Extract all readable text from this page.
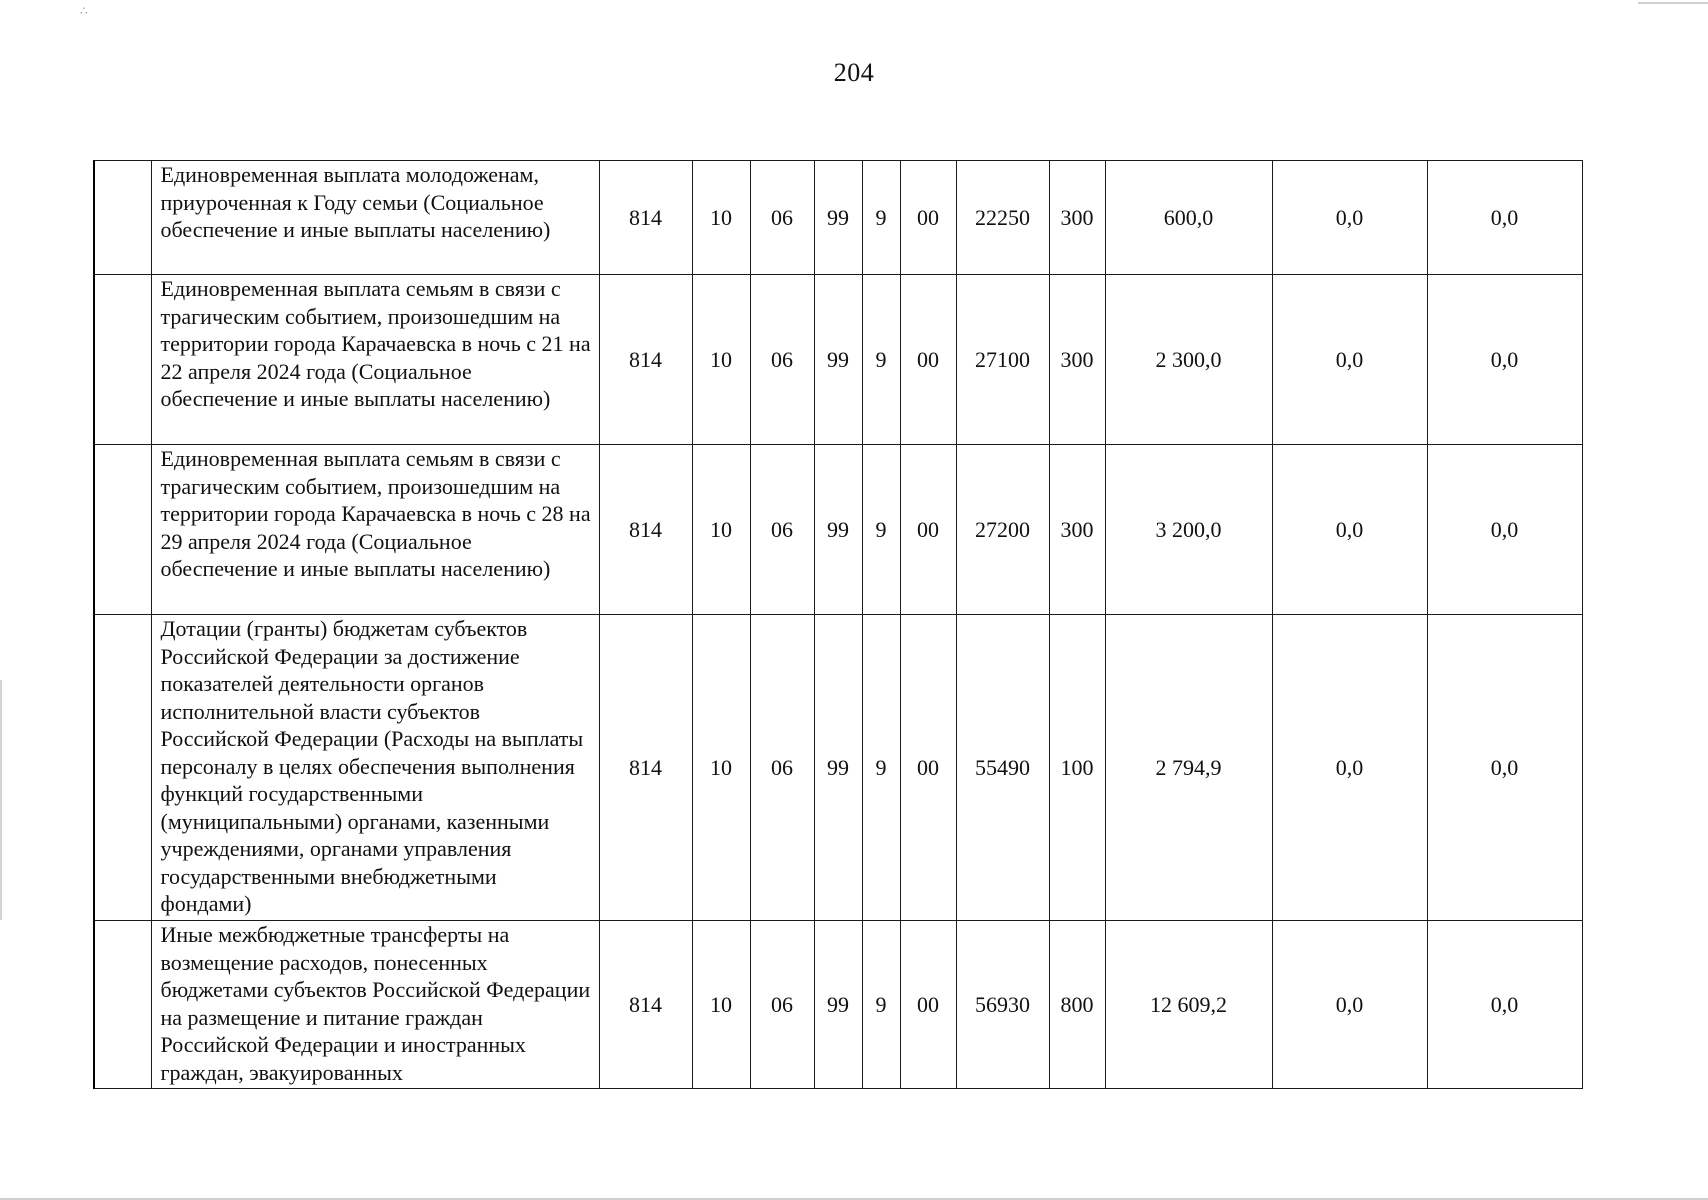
∴
204
	Единовременная выплата молодоженам, приуроченная к Году семьи (Социальное обеспечение и иные выплаты населению)	814	10	06	99	9	00	22250	300	600,0	0,0	0,0
	Единовременная выплата семьям в связи с трагическим событием, произошедшим на территории города Карачаевска в ночь с 21 на 22 апреля 2024 года (Социальное обеспечение и иные выплаты населению)	814	10	06	99	9	00	27100	300	2 300,0	0,0	0,0
	Единовременная выплата семьям в связи с трагическим событием, произошедшим на территории города Карачаевска в ночь с 28 на 29 апреля 2024 года (Социальное обеспечение и иные выплаты населению)	814	10	06	99	9	00	27200	300	3 200,0	0,0	0,0
	Дотации (гранты) бюджетам субъектов Российской Федерации за достижение показателей деятельности органов исполнительной власти субъектов Российской Федерации (Расходы на выплаты персоналу в целях обеспечения выполнения функций государственными (муниципальными) органами, казенными учреждениями, органами управления государственными внебюджетными фондами)	814	10	06	99	9	00	55490	100	2 794,9	0,0	0,0
	Иные межбюджетные трансферты на возмещение расходов, понесенных бюджетами субъектов Российской Федерации на размещение и питание граждан Российской Федерации и иностранных граждан, эвакуированных	814	10	06	99	9	00	56930	800	12 609,2	0,0	0,0
